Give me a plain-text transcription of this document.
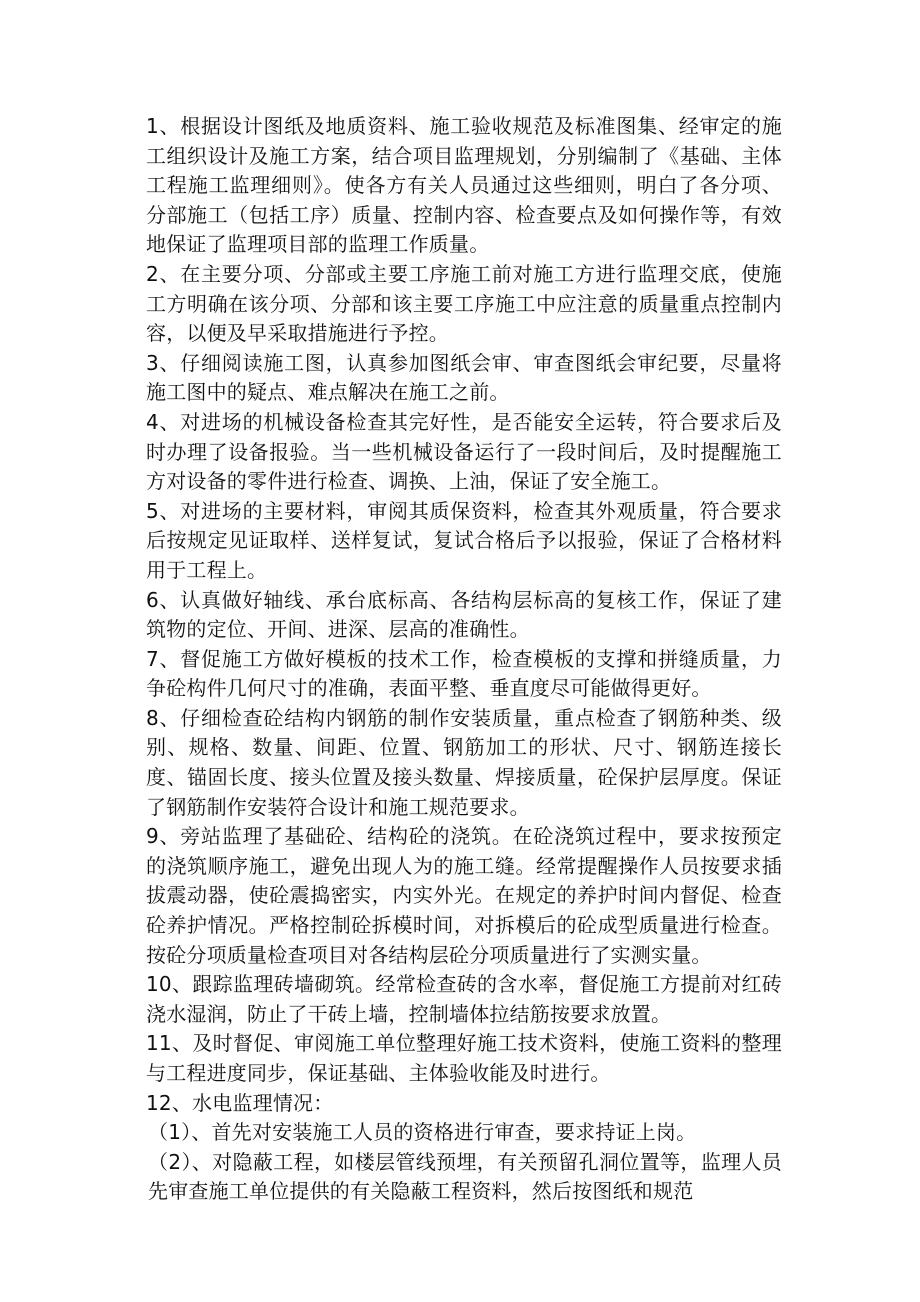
1、根据设计图纸及地质资料、施工验收规范及标准图集、经审定的施工组织设计及施工方案，结合项目监理规划，分别编制了《基础、主体工程施工监理细则》。使各方有关人员通过这些细则，明白了各分项、分部施工（包括工序）质量、控制内容、检查要点及如何操作等，有效地保证了监理项目部的监理工作质量。

2、在主要分项、分部或主要工序施工前对施工方进行监理交底，使施工方明确在该分项、分部和该主要工序施工中应注意的质量重点控制内容，以便及早采取措施进行予控。

3、仔细阅读施工图，认真参加图纸会审、审查图纸会审纪要，尽量将施工图中的疑点、难点解决在施工之前。

4、对进场的机械设备检查其完好性，是否能安全运转，符合要求后及时办理了设备报验。当一些机械设备运行了一段时间后，及时提醒施工方对设备的零件进行检查、调换、上油，保证了安全施工。

5、对进场的主要材料，审阅其质保资料，检查其外观质量，符合要求后按规定见证取样、送样复试，复试合格后予以报验，保证了合格材料用于工程上。

6、认真做好轴线、承台底标高、各结构层标高的复核工作，保证了建筑物的定位、开间、进深、层高的准确性。

7、督促施工方做好模板的技术工作，检查模板的支撑和拼缝质量，力争砼构件几何尺寸的准确，表面平整、垂直度尽可能做得更好。

8、仔细检查砼结构内钢筋的制作安装质量，重点检查了钢筋种类、级别、规格、数量、间距、位置、钢筋加工的形状、尺寸、钢筋连接长度、锚固长度、接头位置及接头数量、焊接质量，砼保护层厚度。保证了钢筋制作安装符合设计和施工规范要求。

9、旁站监理了基础砼、结构砼的浇筑。在砼浇筑过程中，要求按预定的浇筑顺序施工，避免出现人为的施工缝。经常提醒操作人员按要求插拔震动器，使砼震捣密实，内实外光。在规定的养护时间内督促、检查砼养护情况。严格控制砼拆模时间，对拆模后的砼成型质量进行检查。按砼分项质量检查项目对各结构层砼分项质量进行了实测实量。

10、跟踪监理砖墙砌筑。经常检查砖的含水率，督促施工方提前对红砖浇水湿润，防止了干砖上墙，控制墙体拉结筋按要求放置。

11、及时督促、审阅施工单位整理好施工技术资料，使施工资料的整理与工程进度同步，保证基础、主体验收能及时进行。

12、水电监理情况：

（1）、首先对安装施工人员的资格进行审查，要求持证上岗。

（2）、对隐蔽工程，如楼层管线预埋，有关预留孔洞位置等，监理人员先审查施工单位提供的有关隐蔽工程资料，然后按图纸和规范
